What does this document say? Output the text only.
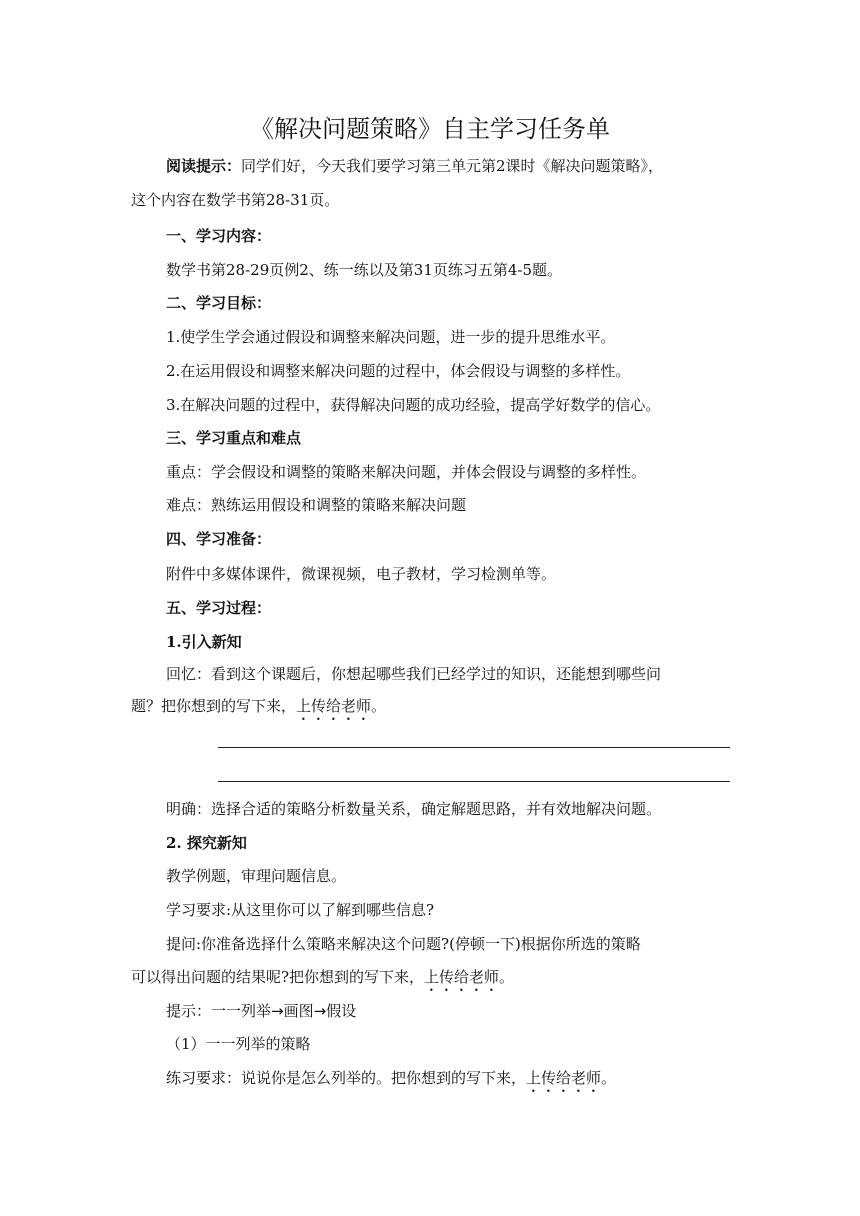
《解决问题策略》自主学习任务单
阅读提示：同学们好，今天我们要学习第三单元第2课时《解决问题策略》，
这个内容在数学书第28-31页。
一、学习内容：
数学书第28-29页例2、练一练以及第31页练习五第4-5题。
二、学习目标：
1.使学生学会通过假设和调整来解决问题，进一步的提升思维水平。
2.在运用假设和调整来解决问题的过程中，体会假设与调整的多样性。
3.在解决问题的过程中，获得解决问题的成功经验，提高学好数学的信心。
三、学习重点和难点
重点：学会假设和调整的策略来解决问题，并体会假设与调整的多样性。
难点：熟练运用假设和调整的策略来解决问题
四、学习准备：
附件中多媒体课件，微课视频，电子教材，学习检测单等。
五、学习过程：
1.引入新知
回忆：看到这个课题后，你想起哪些我们已经学过的知识，还能想到哪些问
题？把你想到的写下来，上传给老师。
明确：选择合适的策略分析数量关系，确定解题思路，并有效地解决问题。
2. 探究新知
教学例题，审理问题信息。
学习要求:从这里你可以了解到哪些信息?
提问:你准备选择什么策略来解决这个问题?(停顿一下)根据你所选的策略
可以得出问题的结果呢?把你想到的写下来，上传给老师。
提示：一一列举→画图→假设
（1）一一列举的策略
练习要求：说说你是怎么列举的。把你想到的写下来，上传给老师。
